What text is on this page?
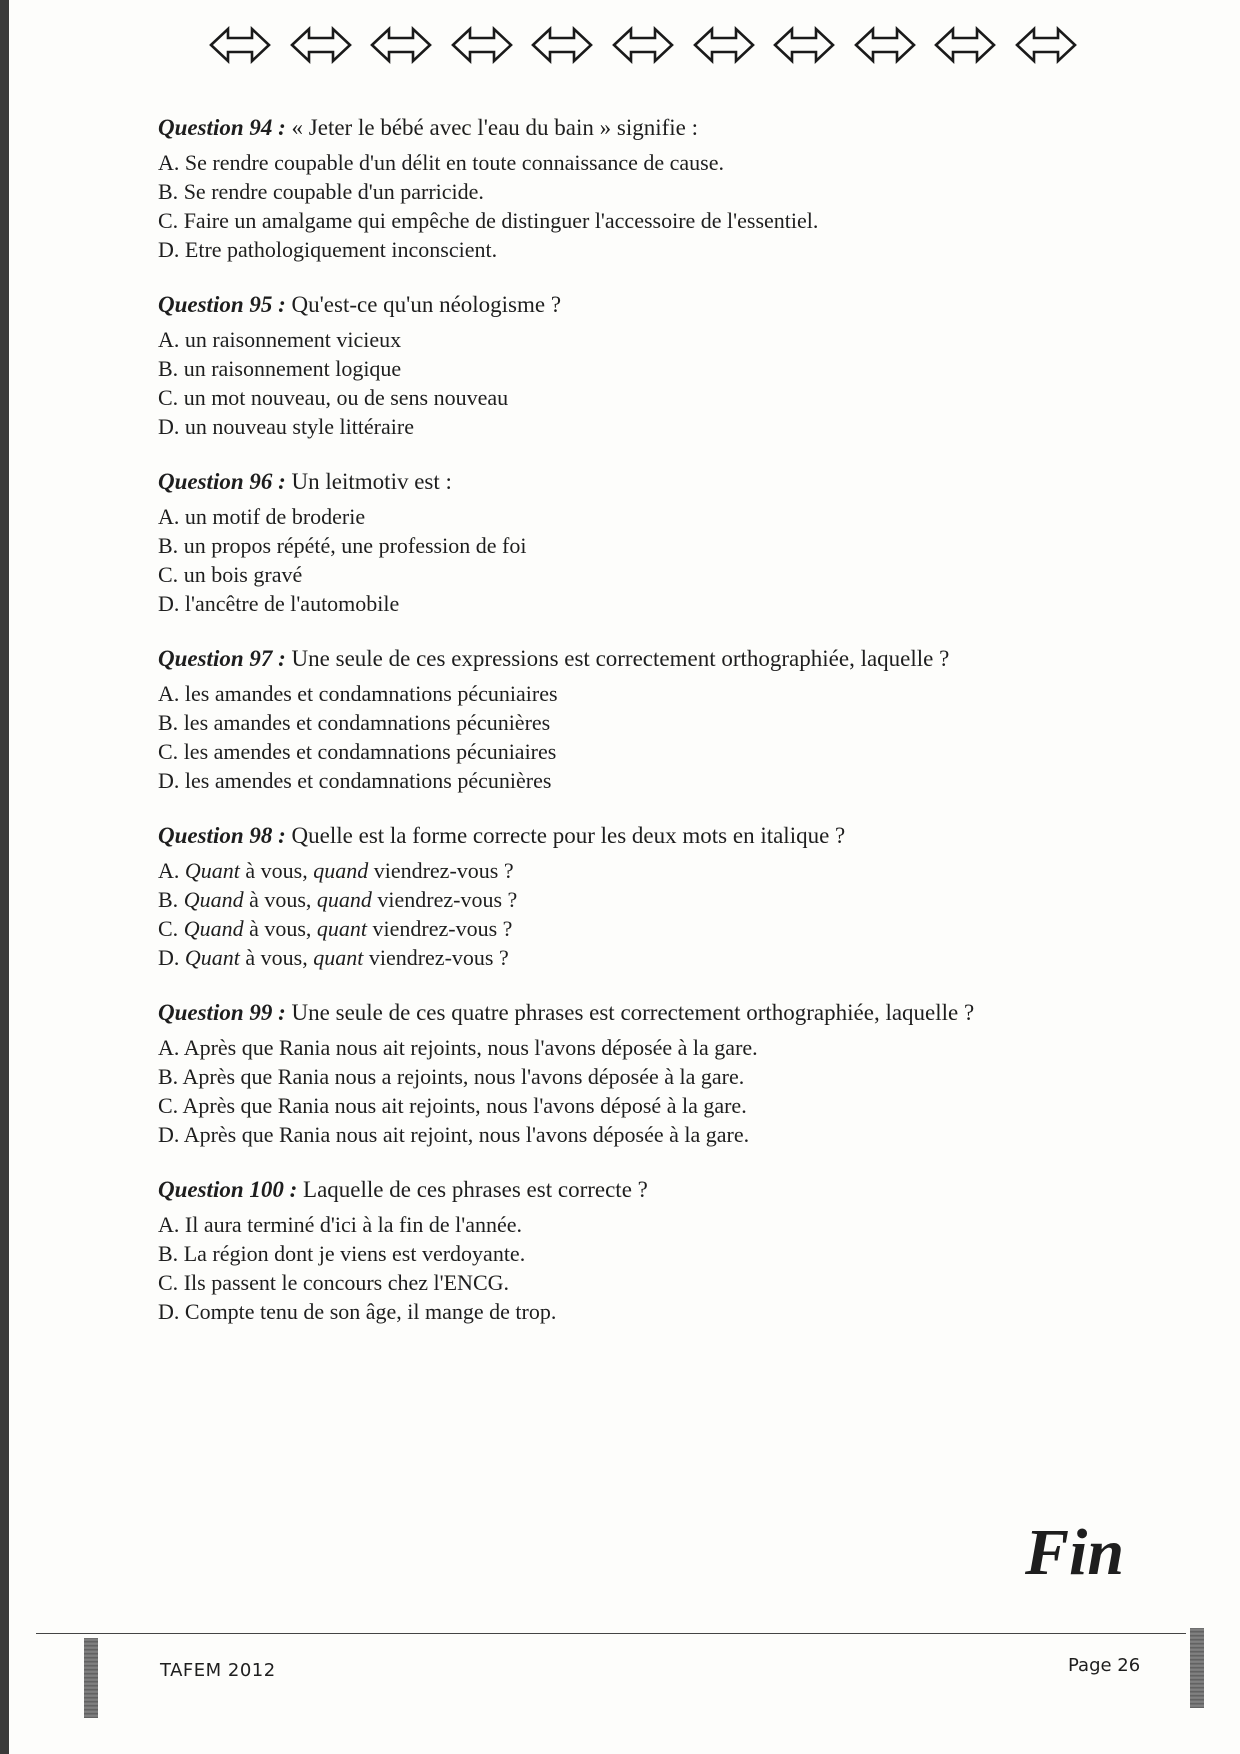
Question 94 : « Jeter le bébé avec l'eau du bain » signifie :
A. Se rendre coupable d'un délit en toute connaissance de cause.
B. Se rendre coupable d'un parricide.
C. Faire un amalgame qui empêche de distinguer l'accessoire de l'essentiel.
D. Etre pathologiquement inconscient.
Question 95 : Qu'est-ce qu'un néologisme ?
A. un raisonnement vicieux
B. un raisonnement logique
C. un mot nouveau, ou de sens nouveau
D. un nouveau style littéraire
Question 96 : Un leitmotiv est :
A. un motif de broderie
B. un propos répété, une profession de foi
C. un bois gravé
D. l'ancêtre de l'automobile
Question 97 : Une seule de ces expressions est correctement orthographiée, laquelle ?
A. les amandes et condamnations pécuniaires
B. les amandes et condamnations pécunières
C. les amendes et condamnations pécuniaires
D. les amendes et condamnations pécunières
Question 98 : Quelle est la forme correcte pour les deux mots en italique ?
A. Quant à vous, quand viendrez-vous ?
B. Quand à vous, quand viendrez-vous ?
C. Quand à vous, quant viendrez-vous ?
D. Quant à vous, quant viendrez-vous ?
Question 99 : Une seule de ces quatre phrases est correctement orthographiée, laquelle ?
A. Après que Rania nous ait rejoints, nous l'avons déposée à la gare.
B. Après que Rania nous a rejoints, nous l'avons déposée à la gare.
C. Après que Rania nous ait rejoints, nous l'avons déposé à la gare.
D. Après que Rania nous ait rejoint, nous l'avons déposée à la gare.
Question 100 : Laquelle de ces phrases est correcte ?
A. Il aura terminé d'ici à la fin de l'année.
B. La région dont je viens est verdoyante.
C. Ils passent le concours chez l'ENCG.
D. Compte tenu de son âge, il mange de trop.
Fin
TAFEM 2012	Page 26
